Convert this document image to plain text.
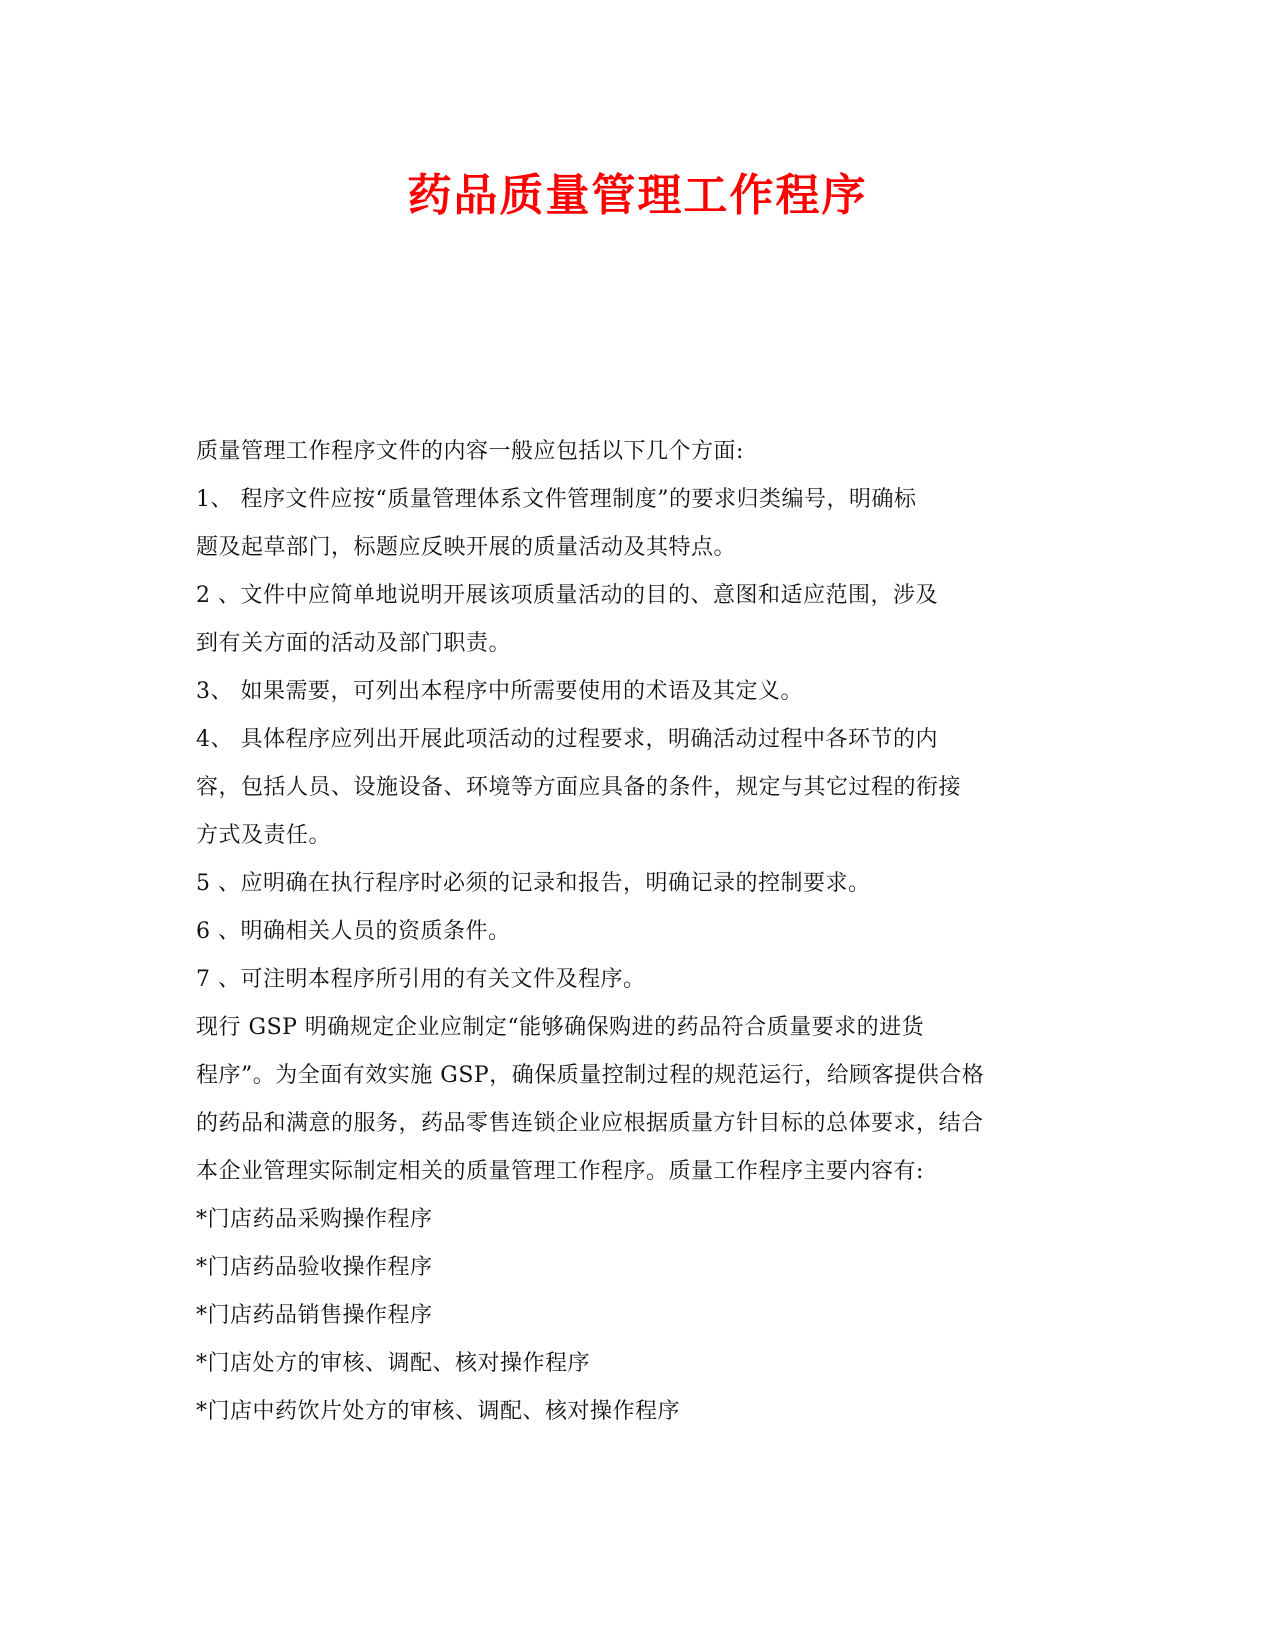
药品质量管理工作程序
质量管理工作程序文件的内容一般应包括以下几个方面:
1、 程序文件应按“质量管理体系文件管理制度”的要求归类编号，明确标
题及起草部门，标题应反映开展的质量活动及其特点。
2 、文件中应简单地说明开展该项质量活动的目的、意图和适应范围，涉及
到有关方面的活动及部门职责。
3、 如果需要，可列出本程序中所需要使用的术语及其定义。
4、 具体程序应列出开展此项活动的过程要求，明确活动过程中各环节的内
容，包括人员、设施设备、环境等方面应具备的条件，规定与其它过程的衔接
方式及责任。
5 、应明确在执行程序时必须的记录和报告，明确记录的控制要求。
6 、明确相关人员的资质条件。
7 、可注明本程序所引用的有关文件及程序。
现行 GSP 明确规定企业应制定“能够确保购进的药品符合质量要求的进货
程序”。为全面有效实施 GSP，确保质量控制过程的规范运行，给顾客提供合格
的药品和满意的服务，药品零售连锁企业应根据质量方针目标的总体要求，结合
本企业管理实际制定相关的质量管理工作程序。质量工作程序主要内容有:
*门店药品采购操作程序
*门店药品验收操作程序
*门店药品销售操作程序
*门店处方的审核、调配、核对操作程序
*门店中药饮片处方的审核、调配、核对操作程序
